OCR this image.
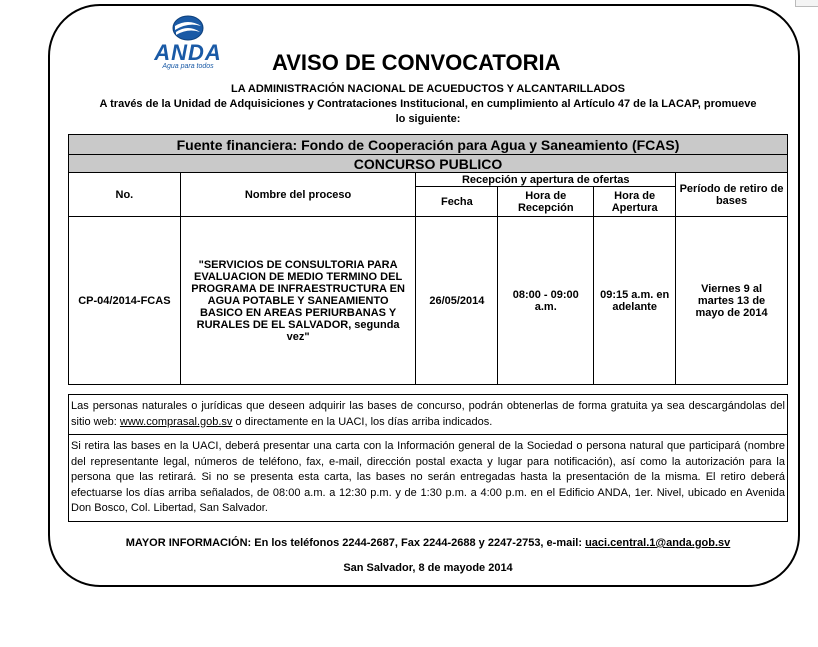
ANDA
Agua para todos	AVISO DE CONVOCATORIA
LA ADMINISTRACIÓN NACIONAL DE ACUEDUCTOS Y ALCANTARILLADOS
A través de la Unidad de Adquisiciones y Contrataciones Institucional, en cumplimiento al Artículo 47 de la LACAP, promueve
lo siguiente:
Fuente financiera: Fondo de Cooperación para Agua y Saneamiento (FCAS)					
CONCURSO PUBLICO					
No.	Nombre del proceso	Recepción y apertura de ofertas			Período de retiro de bases
		Fecha	Hora de Recepción	Hora de Apertura	
CP-04/2014-FCAS	"SERVICIOS DE CONSULTORIA PARA EVALUACION DE MEDIO TERMINO DEL PROGRAMA DE INFRAESTRUCTURA EN AGUA POTABLE Y SANEAMIENTO BASICO EN AREAS PERIURBANAS Y RURALES DE EL SALVADOR, segunda vez"	26/05/2014	08:00 - 09:00 a.m.	09:15 a.m. en adelante	Viernes 9 al martes 13 de mayo de 2014

Las personas naturales o jurídicas que deseen adquirir las bases de concurso, podrán obtenerlas de forma gratuita ya sea descargándolas del sitio web: www.comprasal.gob.sv o directamente en la UACI, los días arriba indicados.

Si retira las bases en la UACI, deberá presentar una carta con la Información general de la Sociedad o persona natural que participará (nombre del representante legal, números de teléfono, fax, e-mail, dirección postal exacta y lugar para notificación), así como la autorización para la persona que las retirará. Si no se presenta esta carta, las bases no serán entregadas hasta la presentación de la misma. El retiro deberá efectuarse los días arriba señalados, de 08:00 a.m. a 12:30 p.m. y de 1:30 p.m. a 4:00 p.m. en el Edificio ANDA, 1er. Nivel, ubicado en Avenida Don Bosco, Col. Libertad, San Salvador.

MAYOR INFORMACIÓN: En los teléfonos 2244-2687, Fax 2244-2688 y 2247-2753, e-mail: uaci.central.1@anda.gob.sv
San Salvador, 8 de mayode 2014
